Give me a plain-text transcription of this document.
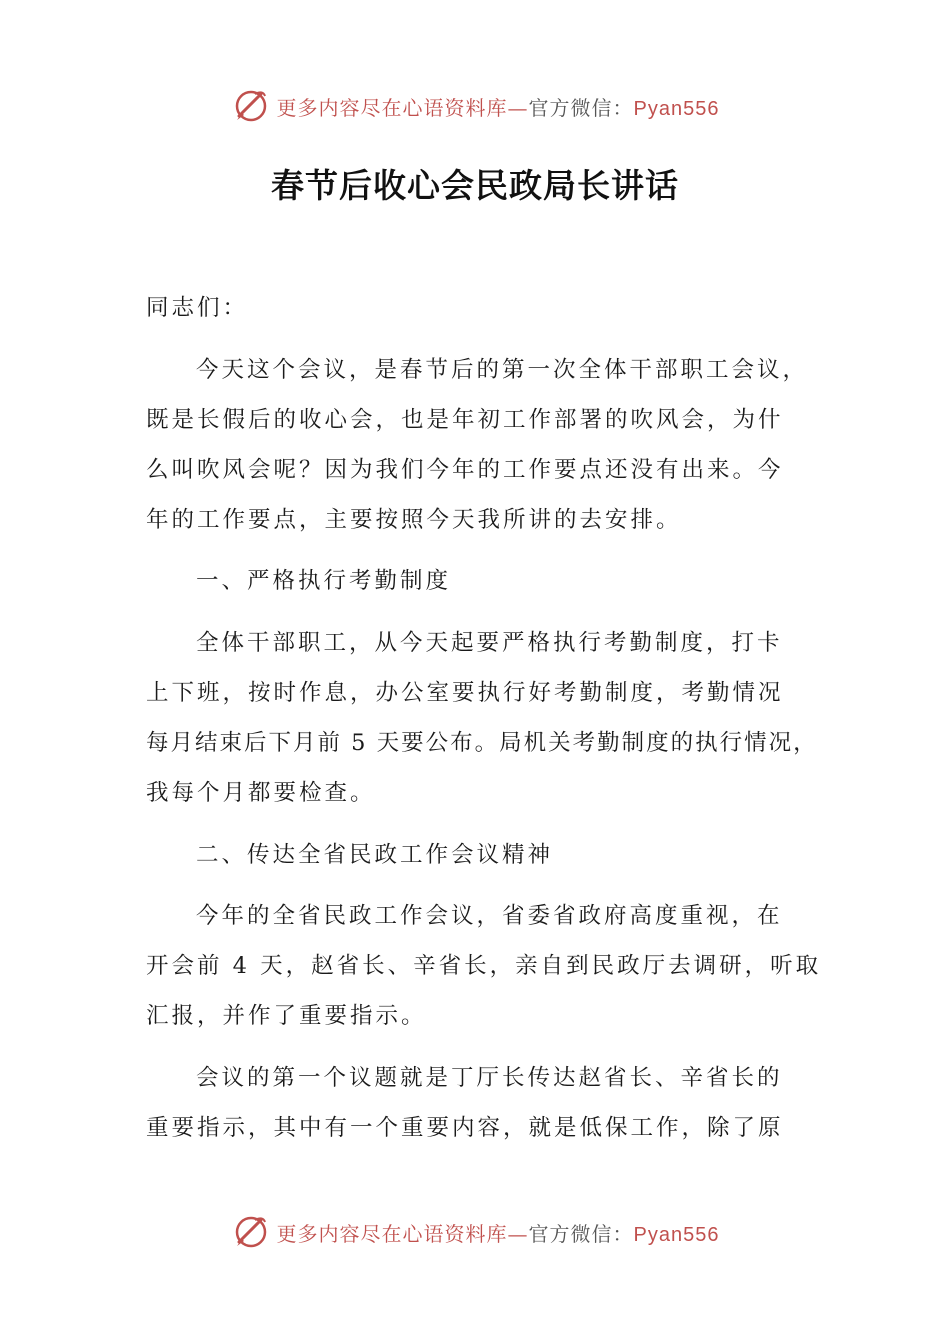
更多内容尽在心语资料库—官方微信：Pyan556
春节后收心会民政局长讲话
同志们：
今天这个会议，是春节后的第一次全体干部职工会议，
既是长假后的收心会，也是年初工作部署的吹风会，为什
么叫吹风会呢？因为我们今年的工作要点还没有出来。今
年的工作要点，主要按照今天我所讲的去安排。
一、严格执行考勤制度
全体干部职工，从今天起要严格执行考勤制度，打卡
上下班，按时作息，办公室要执行好考勤制度，考勤情况
每月结束后下月前 5 天要公布。局机关考勤制度的执行情况，
我每个月都要检查。
二、传达全省民政工作会议精神
今年的全省民政工作会议，省委省政府高度重视，在
开会前 4 天，赵省长、辛省长，亲自到民政厅去调研，听取
汇报，并作了重要指示。
会议的第一个议题就是丁厅长传达赵省长、辛省长的
重要指示，其中有一个重要内容，就是低保工作，除了原
更多内容尽在心语资料库—官方微信：Pyan556
